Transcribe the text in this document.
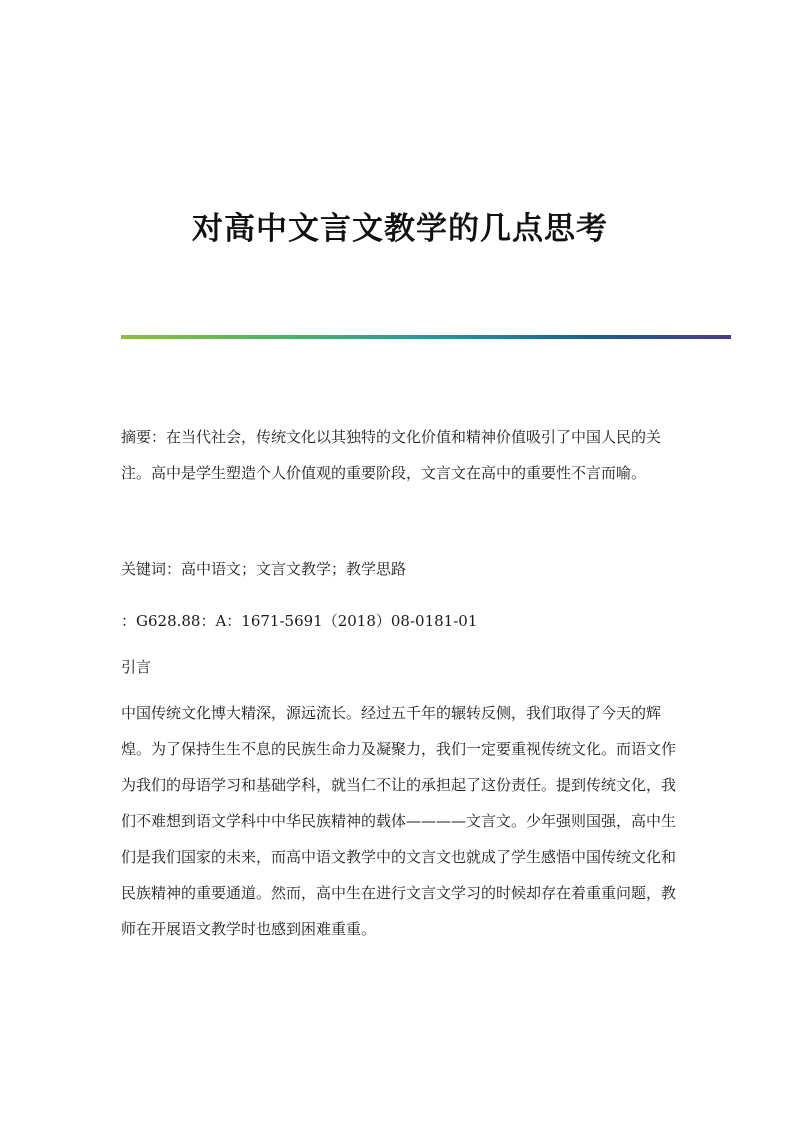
对高中文言文教学的几点思考

摘要：在当代社会，传统文化以其独特的文化价值和精神价值吸引了中国人民的关注。高中是学生塑造个人价值观的重要阶段，文言文在高中的重要性不言而喻。

关键词：高中语文；文言文教学；教学思路

：G628.88：A：1671-5691（2018）08-0181-01

引言

中国传统文化博大精深，源远流长。经过五千年的辗转反侧，我们取得了今天的辉煌。为了保持生生不息的民族生命力及凝聚力，我们一定要重视传统文化。而语文作为我们的母语学习和基础学科，就当仁不让的承担起了这份责任。提到传统文化，我们不难想到语文学科中中华民族精神的载体————文言文。少年强则国强，高中生们是我们国家的未来，而高中语文教学中的文言文也就成了学生感悟中国传统文化和民族精神的重要通道。然而，高中生在进行文言文学习的时候却存在着重重问题，教师在开展语文教学时也感到困难重重。
